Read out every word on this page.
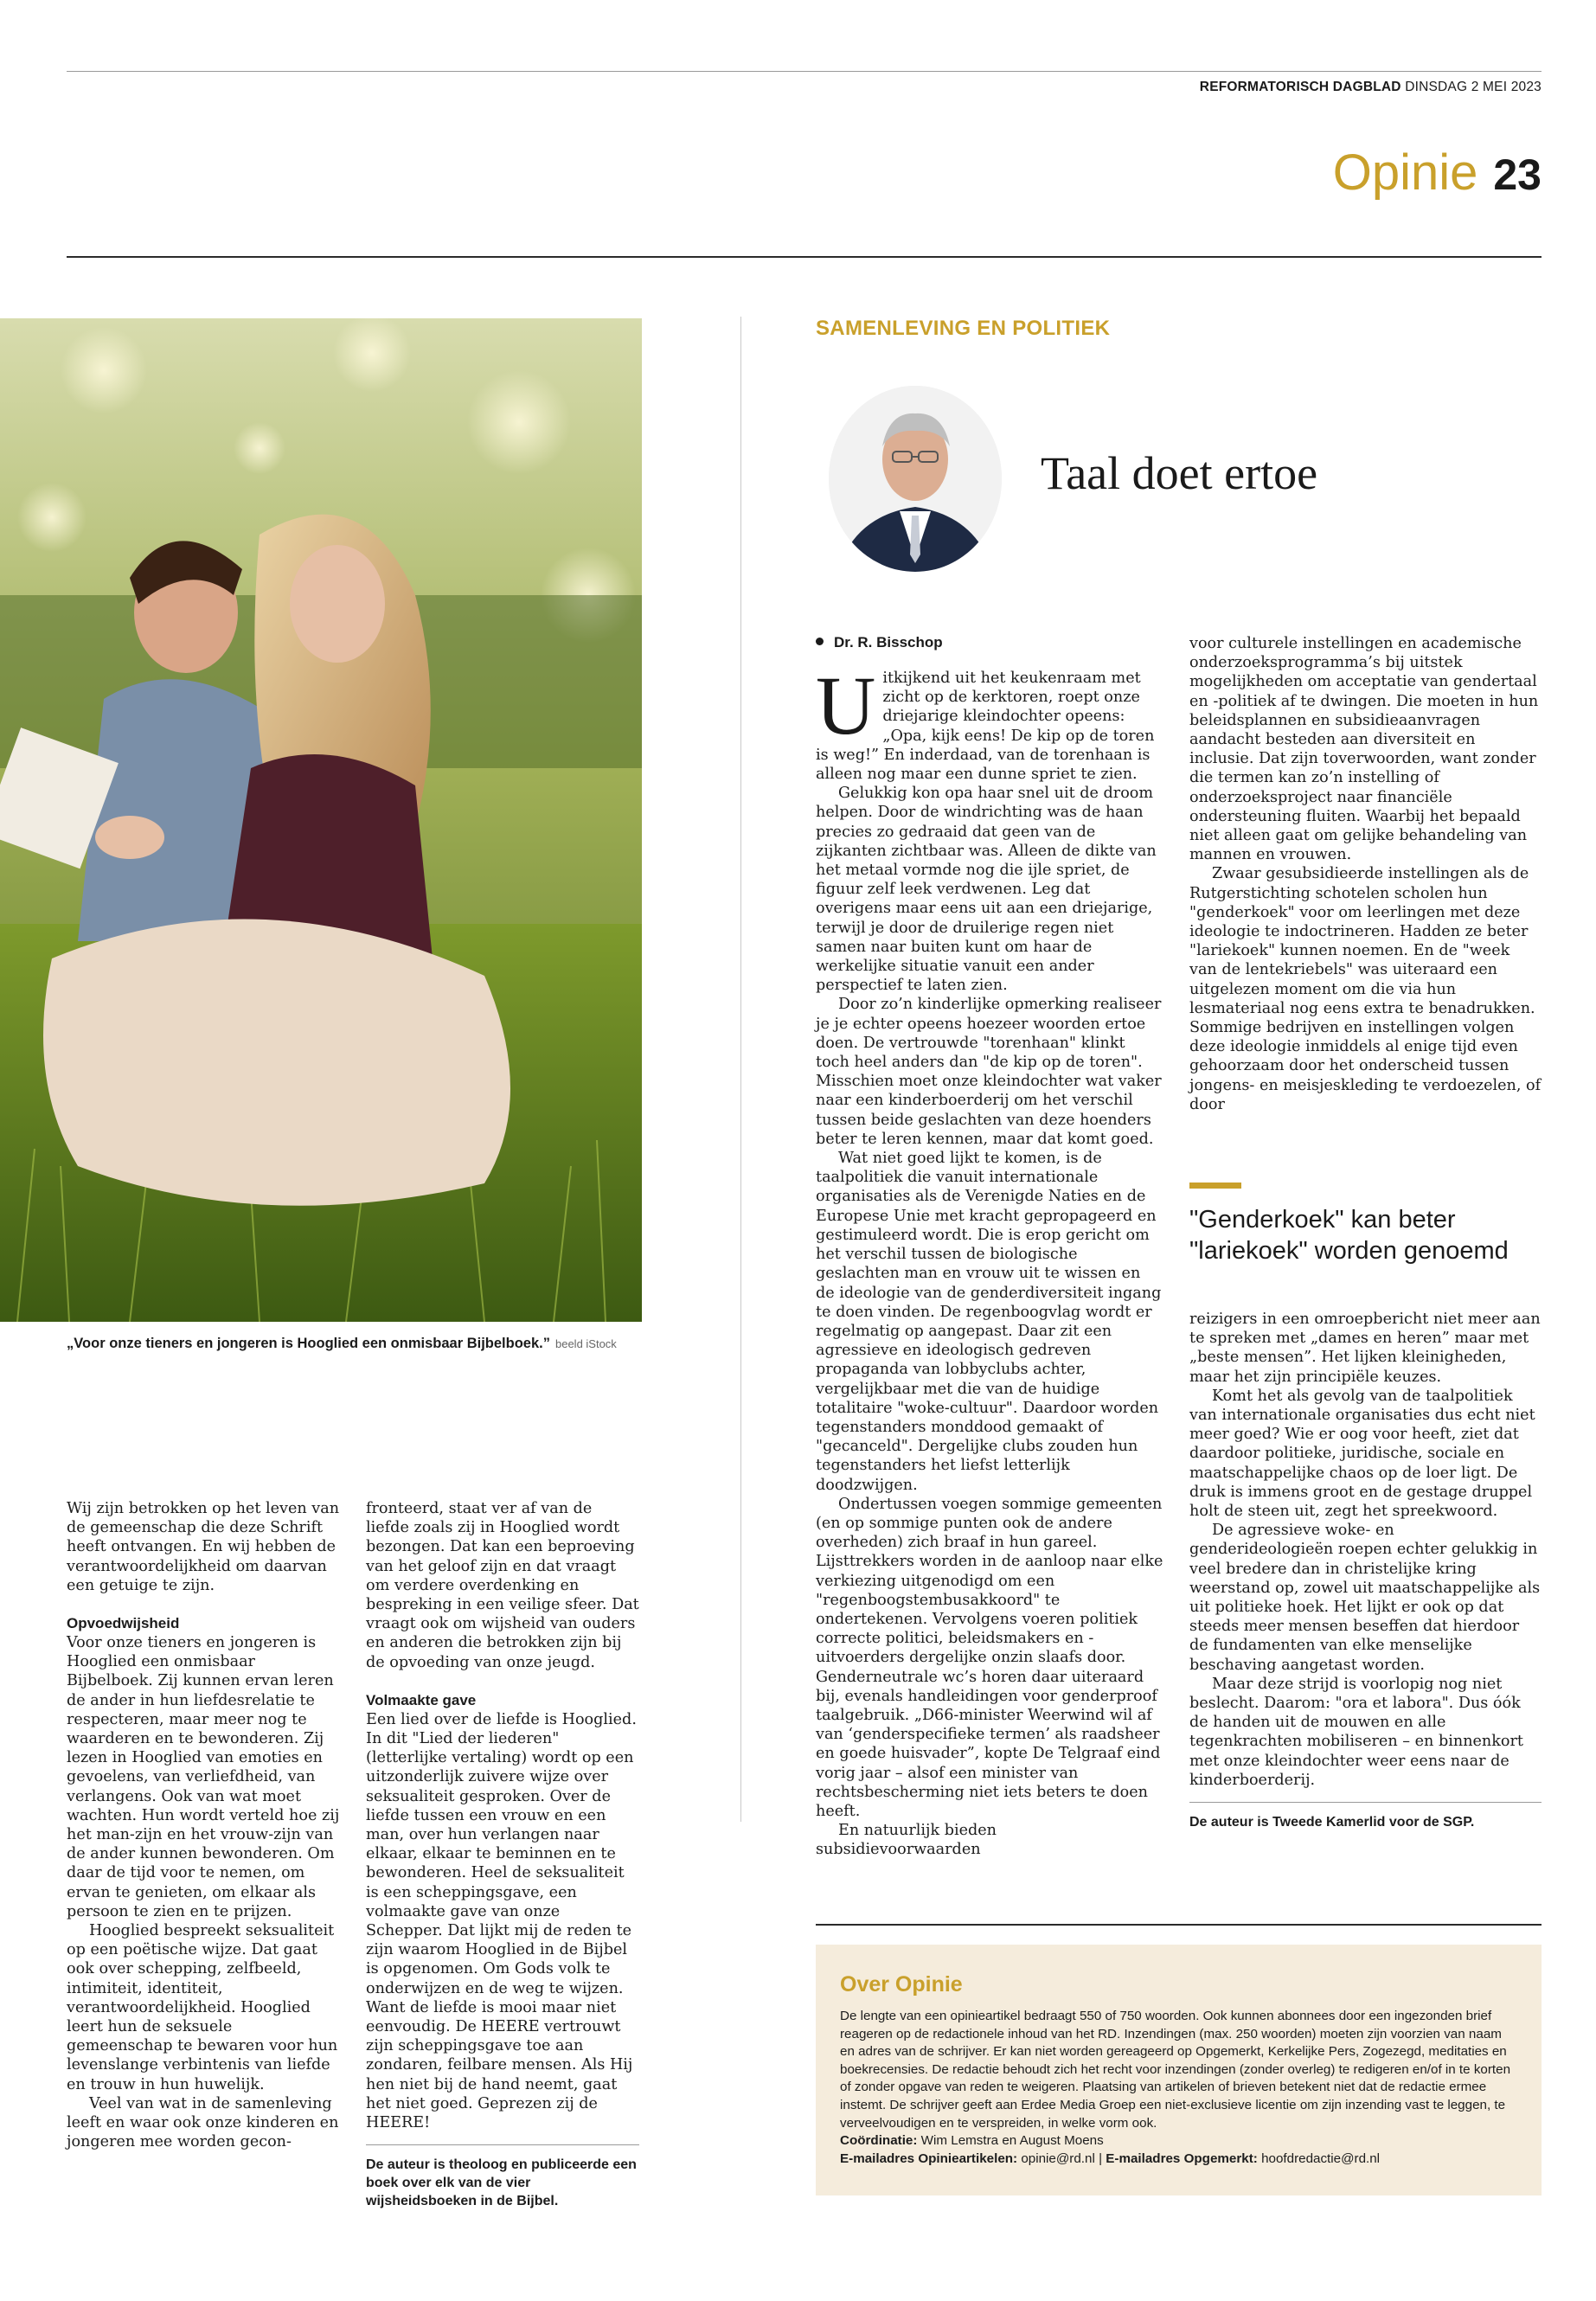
REFORMATORISCH DAGBLAD DINSDAG 2 MEI 2023
Opinie 23
„Voor onze tieners en jongeren is Hooglied een onmisbaar Bijbelboek.” beeld iStock

Wij zijn betrokken op het leven van de gemeenschap die deze Schrift heeft ontvangen. En wij hebben de verantwoordelijkheid om daarvan een getuige te zijn.

Opvoedwijsheid

Voor onze tieners en jongeren is Hooglied een onmisbaar Bijbelboek. Zij kunnen ervan leren de ander in hun liefdesrelatie te respecteren, maar meer nog te waarderen en te bewonderen. Zij lezen in Hooglied van emoties en gevoelens, van verliefdheid, van verlangens. Ook van wat moet wachten. Hun wordt verteld hoe zij het man-zijn en het vrouw-zijn van de ander kunnen bewonderen. Om daar de tijd voor te nemen, om ervan te genieten, om elkaar als persoon te zien en te prijzen.

Hooglied bespreekt seksualiteit op een poëtische wijze. Dat gaat ook over schepping, zelfbeeld, intimiteit, identiteit, verantwoordelijkheid. Hooglied leert hun de seksuele gemeenschap te bewaren voor hun levenslange verbintenis van liefde en trouw in hun huwelijk.

Veel van wat in de samenleving leeft en waar ook onze kinderen en jongeren mee worden gecon-

fronteerd, staat ver af van de liefde zoals zij in Hooglied wordt bezongen. Dat kan een beproeving van het geloof zijn en dat vraagt om verdere overdenking en bespreking in een veilige sfeer. Dat vraagt ook om wijsheid van ouders en anderen die betrokken zijn bij de opvoeding van onze jeugd.

Volmaakte gave

Een lied over de liefde is Hooglied. In dit "Lied der liederen" (letterlijke vertaling) wordt op een uitzonderlijk zuivere wijze over seksualiteit gesproken. Over de liefde tussen een vrouw en een man, over hun verlangen naar elkaar, elkaar te beminnen en te bewonderen. Heel de seksualiteit is een scheppingsgave, een volmaakte gave van onze Schepper. Dat lijkt mij de reden te zijn waarom Hooglied in de Bijbel is opgenomen. Om Gods volk te onderwijzen en de weg te wijzen. Want de liefde is mooi maar niet eenvoudig. De HEERE vertrouwt zijn scheppingsgave toe aan zondaren, feilbare mensen. Als Hij hen niet bij de hand neemt, gaat het niet goed. Geprezen zij de HEERE!

De auteur is theoloog en publiceerde een boek over elk van de vier wijsheidsboeken in de Bijbel.

SAMENLEVING EN POLITIEK
Taal doet ertoe
Dr. R. Bisschop

Uitkijkend uit het keukenraam met zicht op de kerktoren, roept onze driejarige kleindochter opeens: „Opa, kijk eens! De kip op de toren is weg!” En inderdaad, van de torenhaan is alleen nog maar een dunne spriet te zien.

Gelukkig kon opa haar snel uit de droom helpen. Door de windrichting was de haan precies zo gedraaid dat geen van de zijkanten zichtbaar was. Alleen de dikte van het metaal vormde nog die ijle spriet, de figuur zelf leek verdwenen. Leg dat overigens maar eens uit aan een driejarige, terwijl je door de druilerige regen niet samen naar buiten kunt om haar de werkelijke situatie vanuit een ander perspectief te laten zien.

Door zo’n kinderlijke opmerking realiseer je je echter opeens hoezeer woorden ertoe doen. De vertrouwde "torenhaan" klinkt toch heel anders dan "de kip op de toren". Misschien moet onze kleindochter wat vaker naar een kinderboerderij om het verschil tussen beide geslachten van deze hoenders beter te leren kennen, maar dat komt goed.

Wat niet goed lijkt te komen, is de taalpolitiek die vanuit internationale organisaties als de Verenigde Naties en de Europese Unie met kracht gepropageerd en gestimuleerd wordt. Die is erop gericht om het verschil tussen de biologische geslachten man en vrouw uit te wissen en de ideologie van de genderdiversiteit ingang te doen vinden. De regenboogvlag wordt er regelmatig op aangepast. Daar zit een agressieve en ideologisch gedreven propaganda van lobbyclubs achter, vergelijkbaar met die van de huidige totalitaire "woke-cultuur". Daardoor worden tegenstanders monddood gemaakt of "gecanceld". Dergelijke clubs zouden hun tegenstanders het liefst letterlijk doodzwijgen.

Ondertussen voegen sommige gemeenten (en op sommige punten ook de andere overheden) zich braaf in hun gareel. Lijsttrekkers worden in de aanloop naar elke verkiezing uitgenodigd om een "regenboogstembusakkoord" te ondertekenen. Vervolgens voeren politiek correcte politici, beleidsmakers en -uitvoerders dergelijke onzin slaafs door. Genderneutrale wc’s horen daar uiteraard bij, evenals handleidingen voor genderproof taalgebruik. „D66-minister Weerwind wil af van ‘genderspecifieke termen’ als raadsheer en goede huisvader”, kopte De Telgraaf eind vorig jaar – alsof een minister van rechtsbescherming niet iets beters te doen heeft.

En natuurlijk bieden subsidievoorwaarden

voor culturele instellingen en academische onderzoeksprogramma’s bij uitstek mogelijkheden om acceptatie van gendertaal en -politiek af te dwingen. Die moeten in hun beleidsplannen en subsidieaanvragen aandacht besteden aan diversiteit en inclusie. Dat zijn toverwoorden, want zonder die termen kan zo’n instelling of onderzoeksproject naar financiële ondersteuning fluiten. Waarbij het bepaald niet alleen gaat om gelijke behandeling van mannen en vrouwen.

Zwaar gesubsidieerde instellingen als de Rutgerstichting schotelen scholen hun "genderkoek" voor om leerlingen met deze ideologie te indoctrineren. Hadden ze beter "lariekoek" kunnen noemen. En de "week van de lentekriebels" was uiteraard een uitgelezen moment om die via hun lesmateriaal nog eens extra te benadrukken. Sommige bedrijven en instellingen volgen deze ideologie inmiddels al enige tijd even gehoorzaam door het onderscheid tussen jongens- en meisjeskleding te verdoezelen, of door

"Genderkoek" kan beter "lariekoek" worden genoemd

reizigers in een omroepbericht niet meer aan te spreken met „dames en heren” maar met „beste mensen”. Het lijken kleinigheden, maar het zijn principiële keuzes.

Komt het als gevolg van de taalpolitiek van internationale organisaties dus echt niet meer goed? Wie er oog voor heeft, ziet dat daardoor politieke, juridische, sociale en maatschappelijke chaos op de loer ligt. De druk is immens groot en de gestage druppel holt de steen uit, zegt het spreekwoord.

De agressieve woke- en genderideologieën roepen echter gelukkig in veel bredere dan in christelijke kring weerstand op, zowel uit maatschappelijke als uit politieke hoek. Het lijkt er ook op dat steeds meer mensen beseffen dat hierdoor de fundamenten van elke menselijke beschaving aangetast worden.

Maar deze strijd is voorlopig nog niet beslecht. Daarom: "ora et labora". Dus óók de handen uit de mouwen en alle tegenkrachten mobiliseren – en binnenkort met onze kleindochter weer eens naar de kinderboerderij.

De auteur is Tweede Kamerlid voor de SGP.

Over Opinie
De lengte van een opinieartikel bedraagt 550 of 750 woorden. Ook kunnen abonnees door een ingezonden brief reageren op de redactionele inhoud van het RD. Inzendingen (max. 250 woorden) moeten zijn voorzien van naam en adres van de schrijver. Er kan niet worden gereageerd op Opgemerkt, Kerkelijke Pers, Zogezegd, meditaties en boekrecensies. De redactie behoudt zich het recht voor inzendingen (zonder overleg) te redigeren en/of in te korten of zonder opgave van reden te weigeren. Plaatsing van artikelen of brieven betekent niet dat de redactie ermee instemt. De schrijver geeft aan Erdee Media Groep een niet-exclusieve licentie om zijn inzending vast te leggen, te verveelvoudigen en te verspreiden, in welke vorm ook.
Coördinatie: Wim Lemstra en August Moens
E-mailadres Opinieartikelen: opinie@rd.nl | E-mailadres Opgemerkt: hoofdredactie@rd.nl
